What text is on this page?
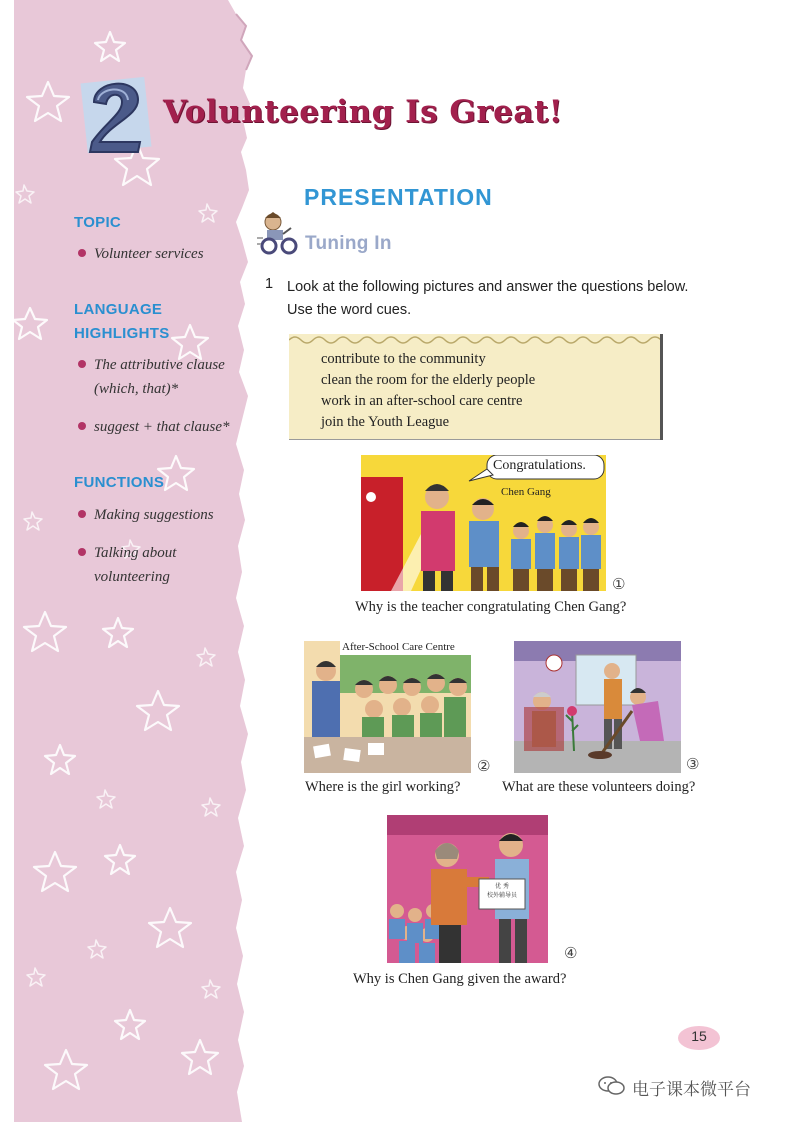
Volunteering Is Great!
TOPIC
Volunteer services
LANGUAGE
HIGHLIGHTS
The attributive clause
(which, that)*
suggest + that clause*
FUNCTIONS
Making suggestions
Talking about
volunteering
PRESENTATION
Tuning In
1 Look at the following pictures and answer the questions below.
Use the word cues.
contribute to the community
clean the room for the elderly people
work in an after-school care centre
join the Youth League
Congratulations.
Chen Gang
①
Why is the teacher congratulating Chen Gang?
After-School Care Centre
②
Where is the girl working?
③
What are these volunteers doing?
优 秀
校外辅导员
④
Why is Chen Gang given the award?
15
电子课本微平台
